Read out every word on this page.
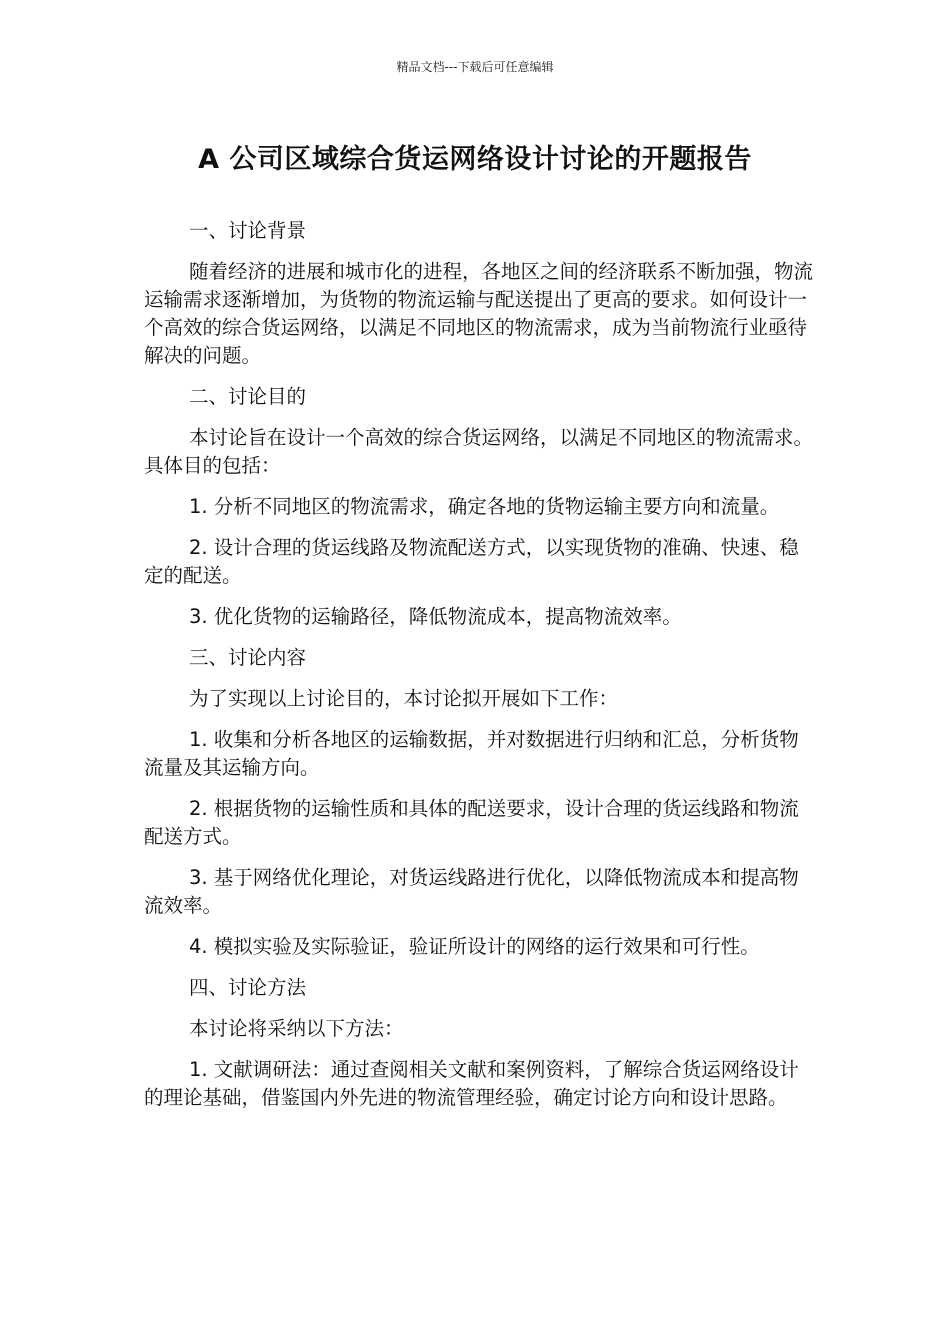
精品文档---下载后可任意编辑
A 公司区域综合货运网络设计讨论的开题报告

一、讨论背景

随着经济的进展和城市化的进程，各地区之间的经济联系不断加强，物流运输需求逐渐增加，为货物的物流运输与配送提出了更高的要求。如何设计一个高效的综合货运网络，以满足不同地区的物流需求，成为当前物流行业亟待解决的问题。

二、讨论目的

本讨论旨在设计一个高效的综合货运网络，以满足不同地区的物流需求。具体目的包括：

1. 分析不同地区的物流需求，确定各地的货物运输主要方向和流量。

2. 设计合理的货运线路及物流配送方式，以实现货物的准确、快速、稳定的配送。

3. 优化货物的运输路径，降低物流成本，提高物流效率。

三、讨论内容

为了实现以上讨论目的，本讨论拟开展如下工作：

1. 收集和分析各地区的运输数据，并对数据进行归纳和汇总，分析货物流量及其运输方向。

2. 根据货物的运输性质和具体的配送要求，设计合理的货运线路和物流配送方式。

3. 基于网络优化理论，对货运线路进行优化，以降低物流成本和提高物流效率。

4. 模拟实验及实际验证，验证所设计的网络的运行效果和可行性。

四、讨论方法

本讨论将采纳以下方法：

1. 文献调研法：通过查阅相关文献和案例资料，了解综合货运网络设计的理论基础，借鉴国内外先进的物流管理经验，确定讨论方向和设计思路。
